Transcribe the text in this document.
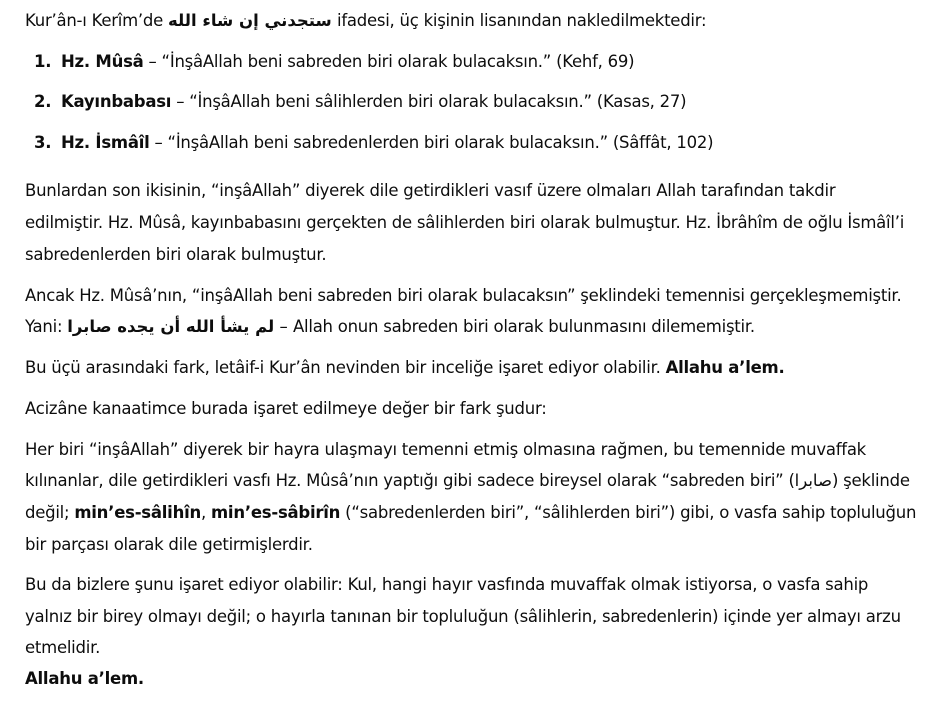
Kur’ân-ı Kerîm’de ستجدني إن شاء الله ifadesi, üç kişinin lisanından nakledilmektedir:
1. Hz. Mûsâ – “İnşâAllah beni sabreden biri olarak bulacaksın.” (Kehf, 69)
2. Kayınbabası – “İnşâAllah beni sâlihlerden biri olarak bulacaksın.” (Kasas, 27)
3. Hz. İsmâîl – “İnşâAllah beni sabredenlerden biri olarak bulacaksın.” (Sâffât, 102)
Bunlardan son ikisinin, “inşâAllah” diyerek dile getirdikleri vasıf üzere olmaları Allah tarafından takdir
edilmiştir. Hz. Mûsâ, kayınbabasını gerçekten de sâlihlerden biri olarak bulmuştur. Hz. İbrâhîm de oğlu İsmâîl’i
sabredenlerden biri olarak bulmuştur.
Ancak Hz. Mûsâ’nın, “inşâAllah beni sabreden biri olarak bulacaksın” şeklindeki temennisi gerçekleşmemiştir.
Yani: لم يشأ الله أن يجده صابرا – Allah onun sabreden biri olarak bulunmasını dilememiştir.
Bu üçü arasındaki fark, letâif-i Kur’ân nevinden bir inceliğe işaret ediyor olabilir. Allahu a’lem.
Acizâne kanaatimce burada işaret edilmeye değer bir fark şudur:
Her biri “inşâAllah” diyerek bir hayra ulaşmayı temenni etmiş olmasına rağmen, bu temennide muvaffak
kılınanlar, dile getirdikleri vasfı Hz. Mûsâ’nın yaptığı gibi sadece bireysel olarak “sabreden biri” (صابرا) şeklinde
değil; min’es-sâlihîn, min’es-sâbirîn (“sabredenlerden biri”, “sâlihlerden biri”) gibi, o vasfa sahip topluluğun
bir parçası olarak dile getirmişlerdir.
Bu da bizlere şunu işaret ediyor olabilir: Kul, hangi hayır vasfında muvaffak olmak istiyorsa, o vasfa sahip
yalnız bir birey olmayı değil; o hayırla tanınan bir topluluğun (sâlihlerin, sabredenlerin) içinde yer almayı arzu
etmelidir.
Allahu a’lem.
